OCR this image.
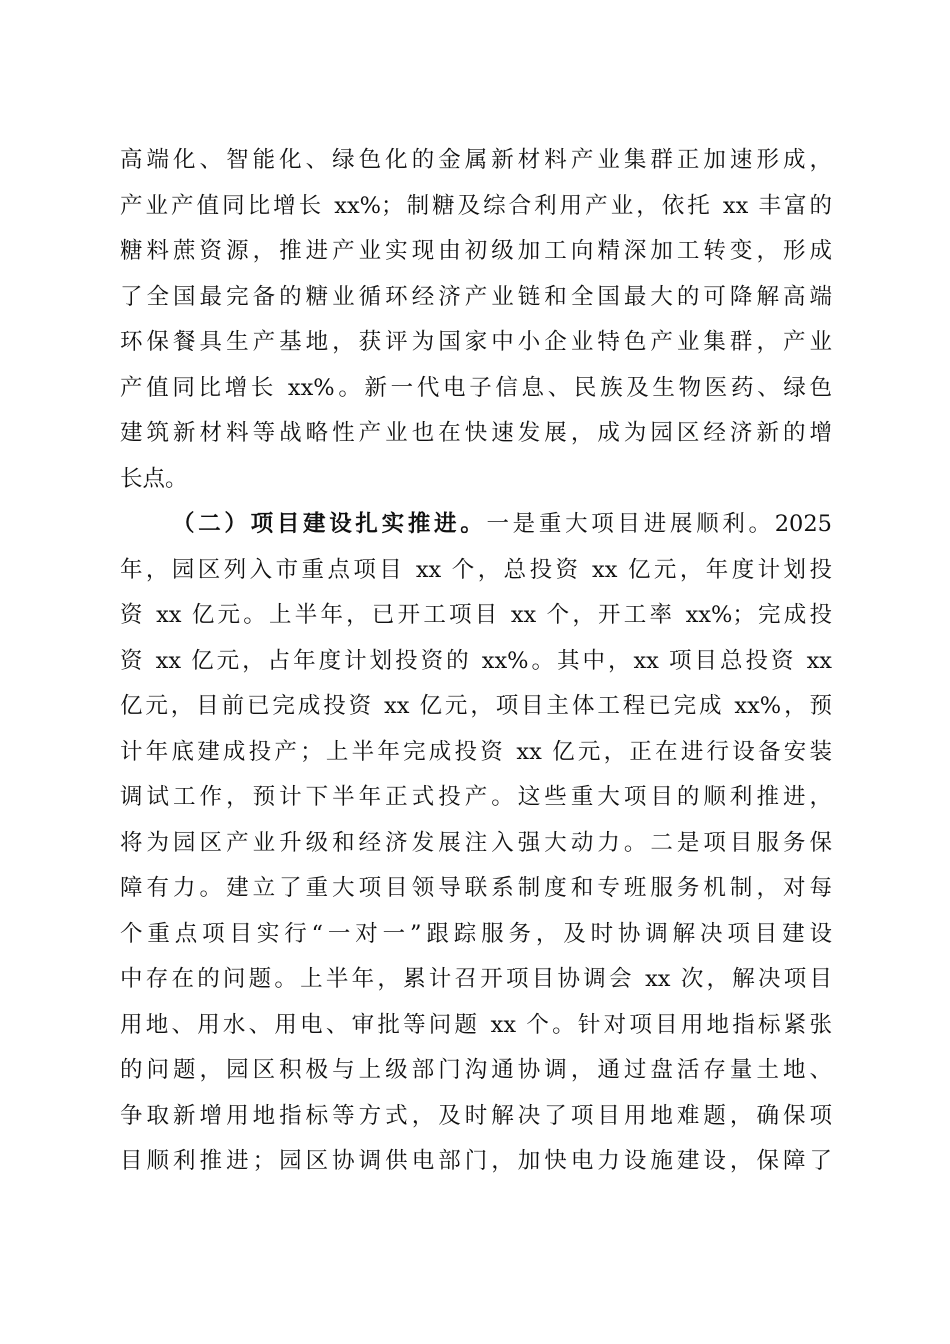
高端化、智能化、绿色化的金属新材料产业集群正加速形成，
产业产值同比增长 xx%；制糖及综合利用产业，依托 xx 丰富的
糖料蔗资源，推进产业实现由初级加工向精深加工转变，形成
了全国最完备的糖业循环经济产业链和全国最大的可降解高端
环保餐具生产基地，获评为国家中小企业特色产业集群，产业
产值同比增长 xx%。新一代电子信息、民族及生物医药、绿色
建筑新材料等战略性产业也在快速发展，成为园区经济新的增
长点。
（二）项目建设扎实推进。一是重大项目进展顺利。2025
年，园区列入市重点项目 xx 个，总投资 xx 亿元，年度计划投
资 xx 亿元。上半年，已开工项目 xx 个，开工率 xx%；完成投
资 xx 亿元，占年度计划投资的 xx%。其中，xx 项目总投资 xx
亿元，目前已完成投资 xx 亿元，项目主体工程已完成 xx%，预
计年底建成投产；上半年完成投资 xx 亿元，正在进行设备安装
调试工作，预计下半年正式投产。这些重大项目的顺利推进，
将为园区产业升级和经济发展注入强大动力。二是项目服务保
障有力。建立了重大项目领导联系制度和专班服务机制，对每
个重点项目实行“一对一”跟踪服务，及时协调解决项目建设
中存在的问题。上半年，累计召开项目协调会 xx 次，解决项目
用地、用水、用电、审批等问题 xx 个。针对项目用地指标紧张
的问题，园区积极与上级部门沟通协调，通过盘活存量土地、
争取新增用地指标等方式，及时解决了项目用地难题，确保项
目顺利推进；园区协调供电部门，加快电力设施建设，保障了
